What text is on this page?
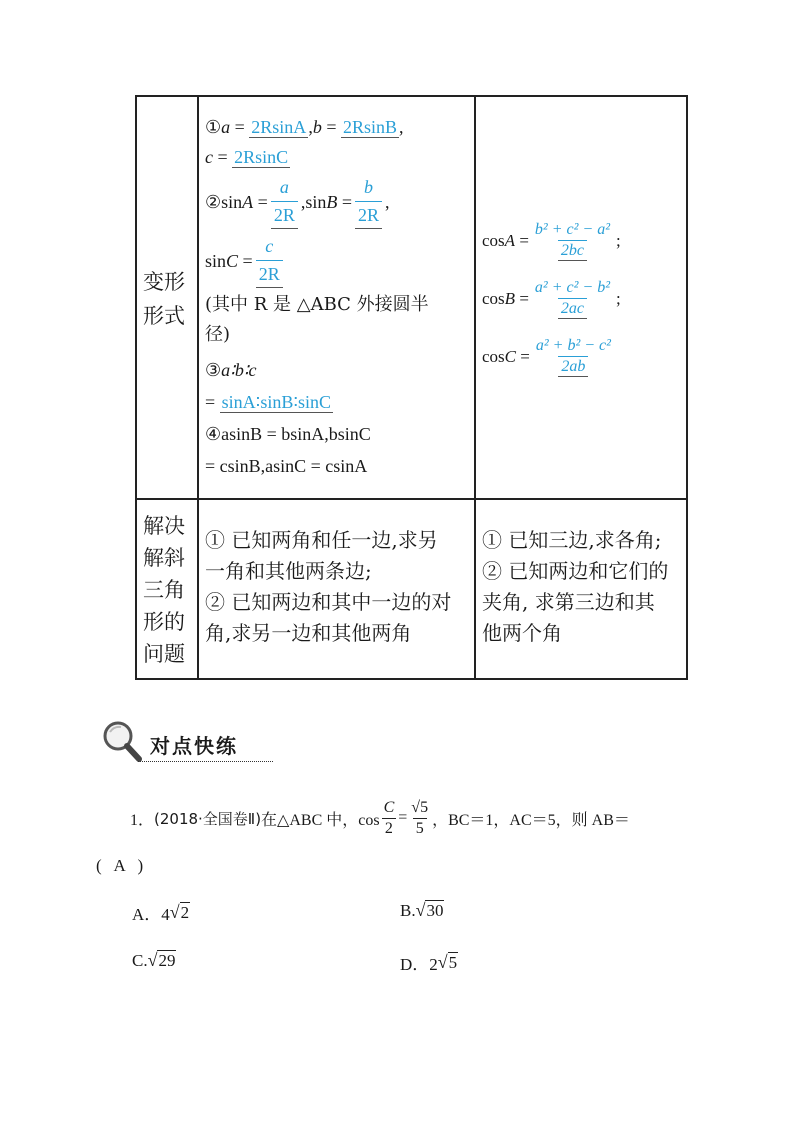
变形
形式
①a = 2RsinA ,b = 2RsinB ,
c = 2RsinC
② $\sin A = \frac{a}{2R} ,\sin$ $B = \frac{b}{2R}$ ,
$\sin C = \frac{c}{2R}$
(其中 R 是 △ABC 外接圆半
径)
③a∶b∶c
= sinA∶sinB∶sinC
④asinB = bsinA,bsinC
= csinB,asinC = csinA
$\cos A = \frac{\text{b² + c² − a²}}{2bc}$ ;
$\cos B = \frac{\text{a² + c² − b²}}{2ac}$ ;
$\cos C = \frac{\text{a² + b² − c²}}{2ab}$
解决
解斜
三角
形的
问题
① 已知两角和任一边,求另
一角和其他两条边;
② 已知两边和其中一边的对
角,求另一边和其他两角
① 已知三边,求各角;
② 已知两边和它们的
夹角, 求第三边和其
他两个角
对点快练
1． (2018·全国卷Ⅱ) 在△ABC 中，$\cos \frac{C}{2} = \frac{√5}{5}$ ，BC＝1，AC＝5，则 AB＝
(   A   )
A．4 √ 2	B. √ 30
C. √ 29	D．2 √ 5
